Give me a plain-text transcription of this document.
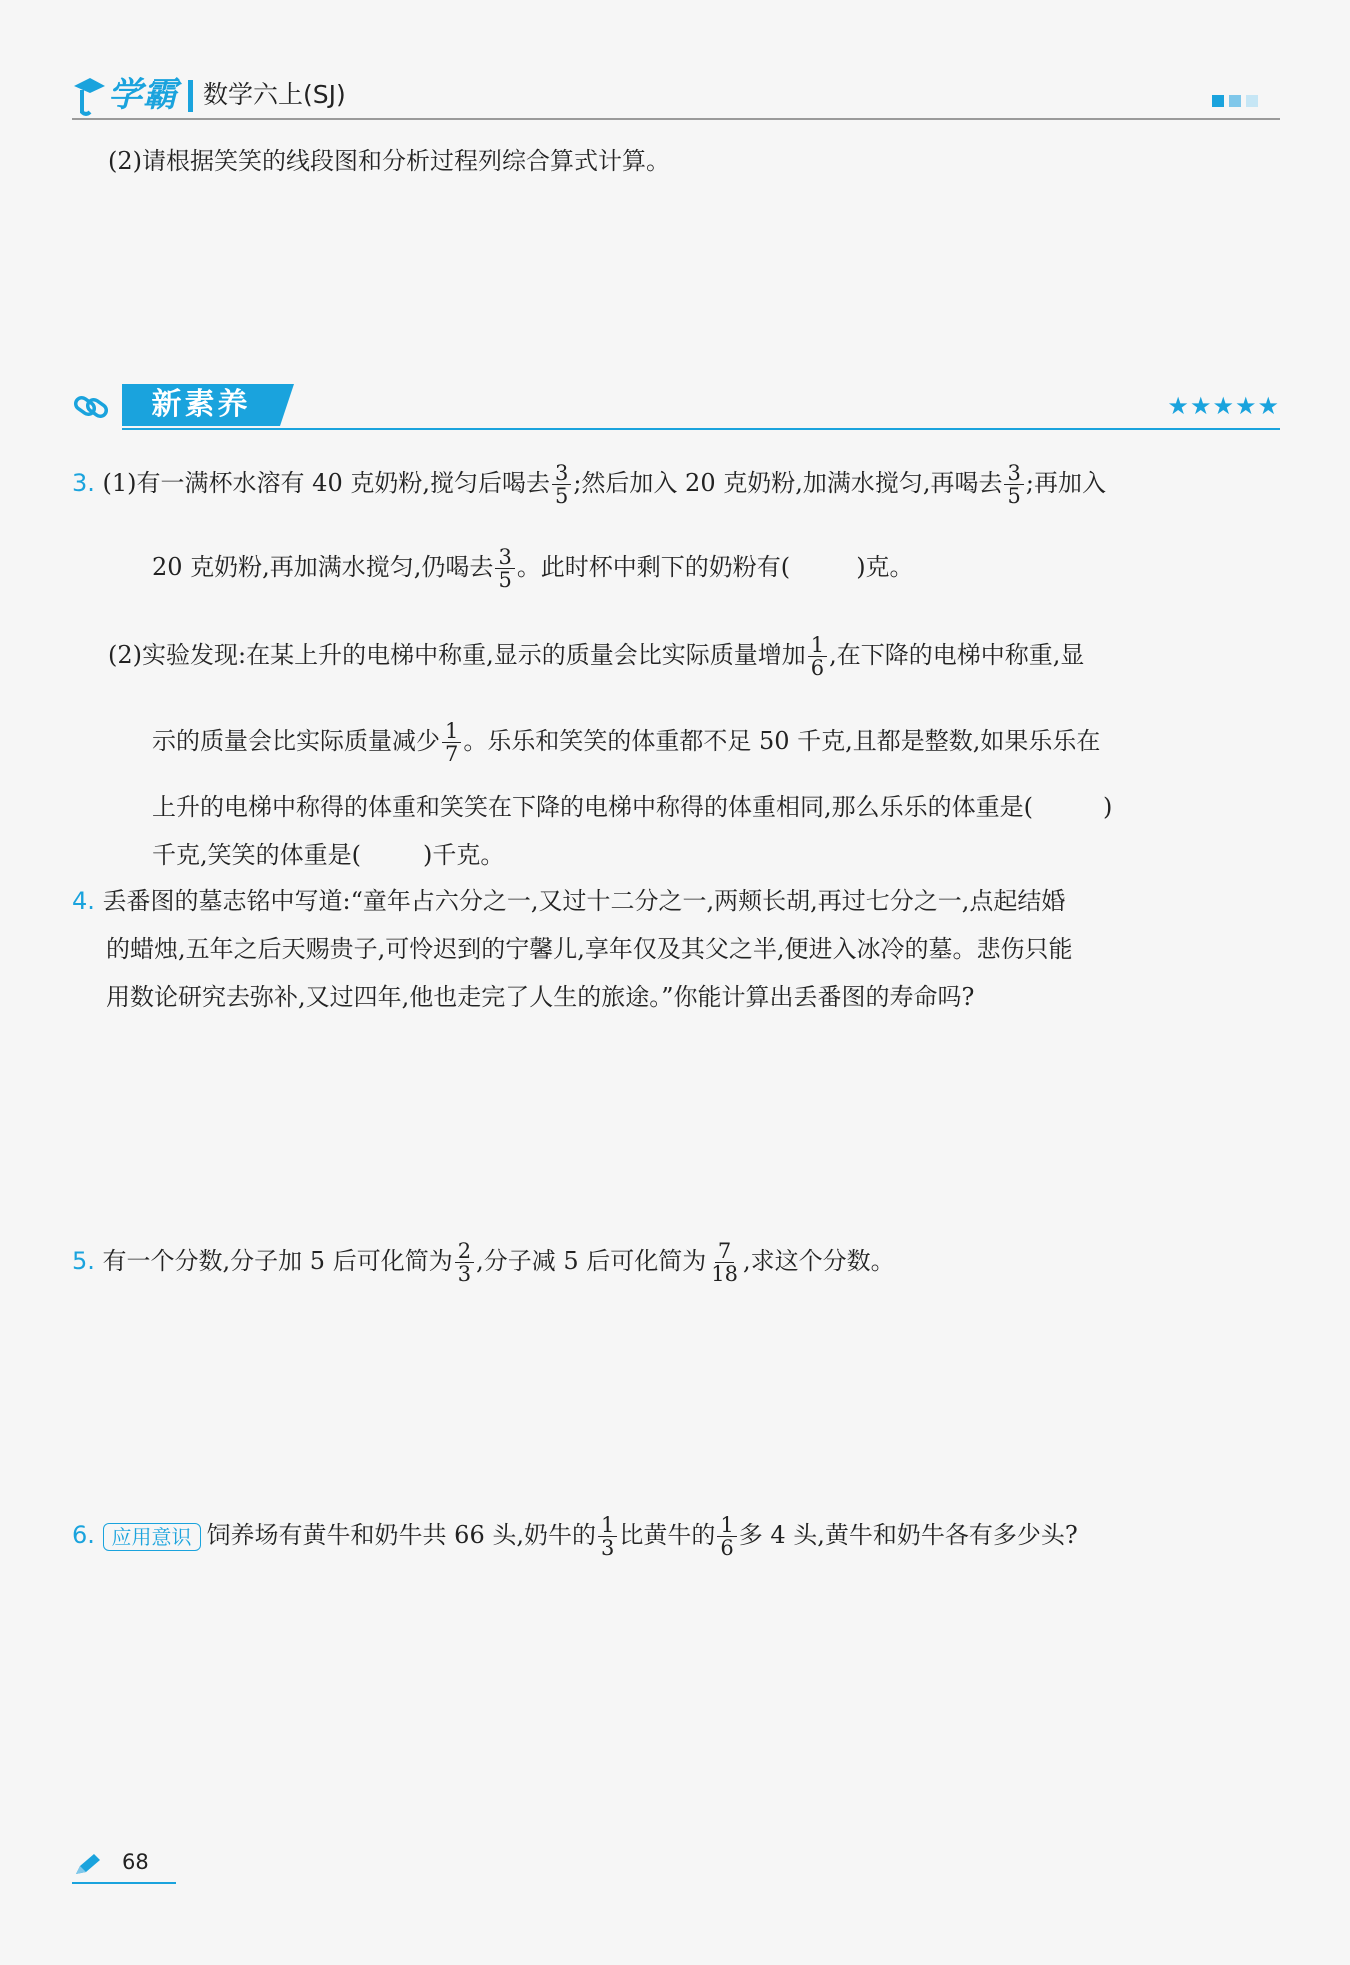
学霸 数学六上(SJ)
(2)请根据笑笑的线段图和分析过程列综合算式计算。
新素养	★★★★★
3. (1)有一满杯水溶有 40 克奶粉,搅匀后喝去 $\frac{3}{5}$ ;然后加入 20 克奶粉,加满水搅匀,再喝去 $\frac{3}{5}$ ;再加入
20 克奶粉,再加满水搅匀,仍喝去 $\frac{3}{5}$ 。此时杯中剩下的奶粉有(	)克。
(2)实验发现:在某上升的电梯中称重,显示的质量会比实际质量增加 $\frac{1}{6}$ ,在下降的电梯中称重,显
示的质量会比实际质量减少 $\frac{1}{7}$ 。乐乐和笑笑的体重都不足 50 千克,且都是整数,如果乐乐在
上升的电梯中称得的体重和笑笑在下降的电梯中称得的体重相同,那么乐乐的体重是(	)
千克,笑笑的体重是(	)千克。
4. 丢番图的墓志铭中写道:“童年占六分之一,又过十二分之一,两颊长胡,再过七分之一,点起结婚
的蜡烛,五年之后天赐贵子,可怜迟到的宁馨儿,享年仅及其父之半,便进入冰冷的墓。悲伤只能
用数论研究去弥补,又过四年,他也走完了人生的旅途。”你能计算出丢番图的寿命吗?
5. 有一个分数,分子加 5 后可化简为 $\frac{2}{3}$ ,分子减 5 后可化简为 $\frac{7}{18}$ ,求这个分数。
6. 应用意识 饲养场有黄牛和奶牛共 66 头,奶牛的 $\frac{1}{3}$ 比黄牛的 $\frac{1}{6}$ 多 4 头,黄牛和奶牛各有多少头?
68
